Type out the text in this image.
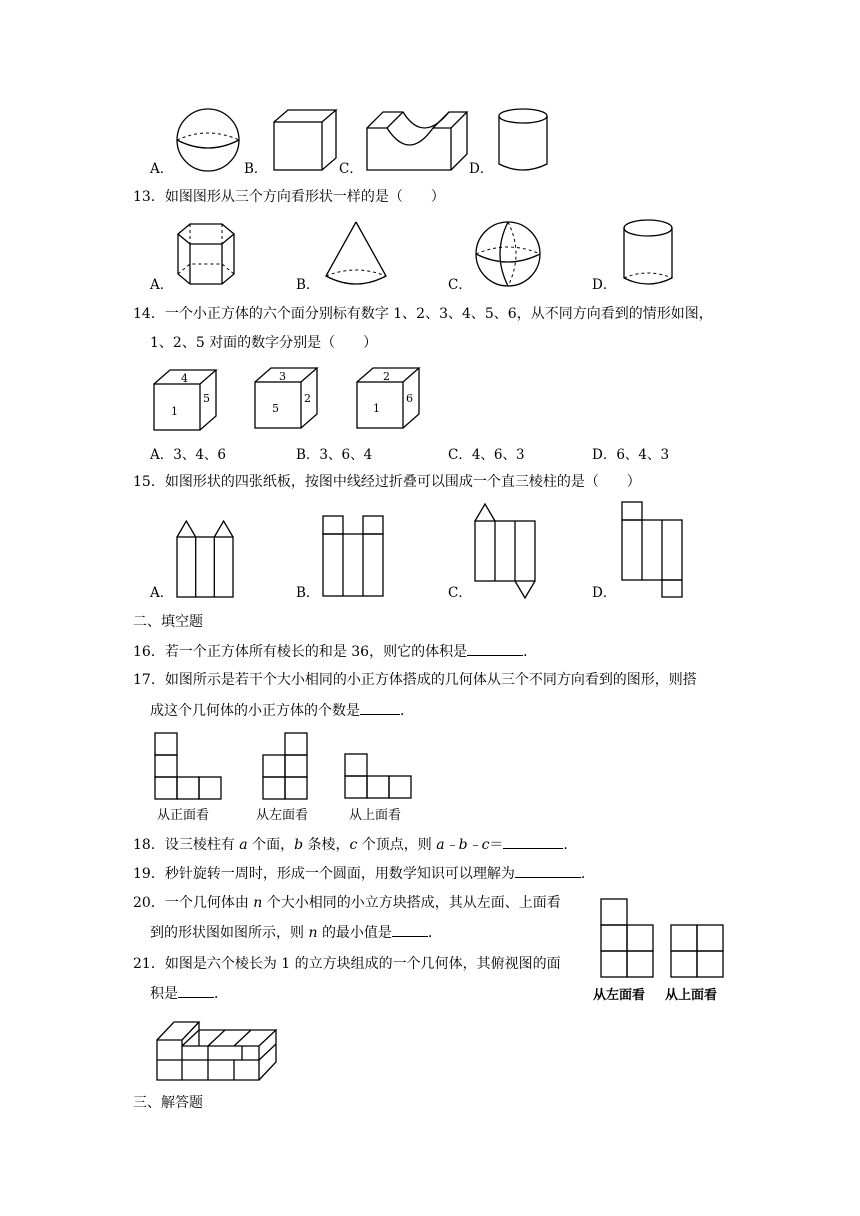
A．	B．	C．	D．
13．如图图形从三个方向看形状一样的是（　　）
A．	B．	C．	D．
14．一个小正方体的六个面分别标有数字 1、2、3、4、5、6，从不同方向看到的情形如图，
1、2、5 对面的数字分别是（　　）
4
1
5
3
5
2
2
1
6
A．3、4、6	B．3、6、4	C．4、6、3	D．6、4、3
15．如图形状的四张纸板，按图中线经过折叠可以围成一个直三棱柱的是（　　）
A．	B．	C．	D．
二、填空题
16．若一个正方体所有棱长的和是 36，则它的体积是	．
17．如图所示是若干个大小相同的小正方体搭成的几何体从三个不同方向看到的图形，则搭
成这个几何体的小正方体的个数是	．
从正面看	从左面看	从上面看
18．设三棱柱有 a 个面，b 条棱，c 个顶点，则 a﹣b﹣c＝	．
19．秒针旋转一周时，形成一个圆面，用数学知识可以理解为	．
20．一个几何体由 n 个大小相同的小立方块搭成，其从左面、上面看
到的形状图如图所示，则 n 的最小值是	．
从左面看 从上面看
21．如图是六个棱长为 1 的立方块组成的一个几何体，其俯视图的面
积是	．
三、解答题
